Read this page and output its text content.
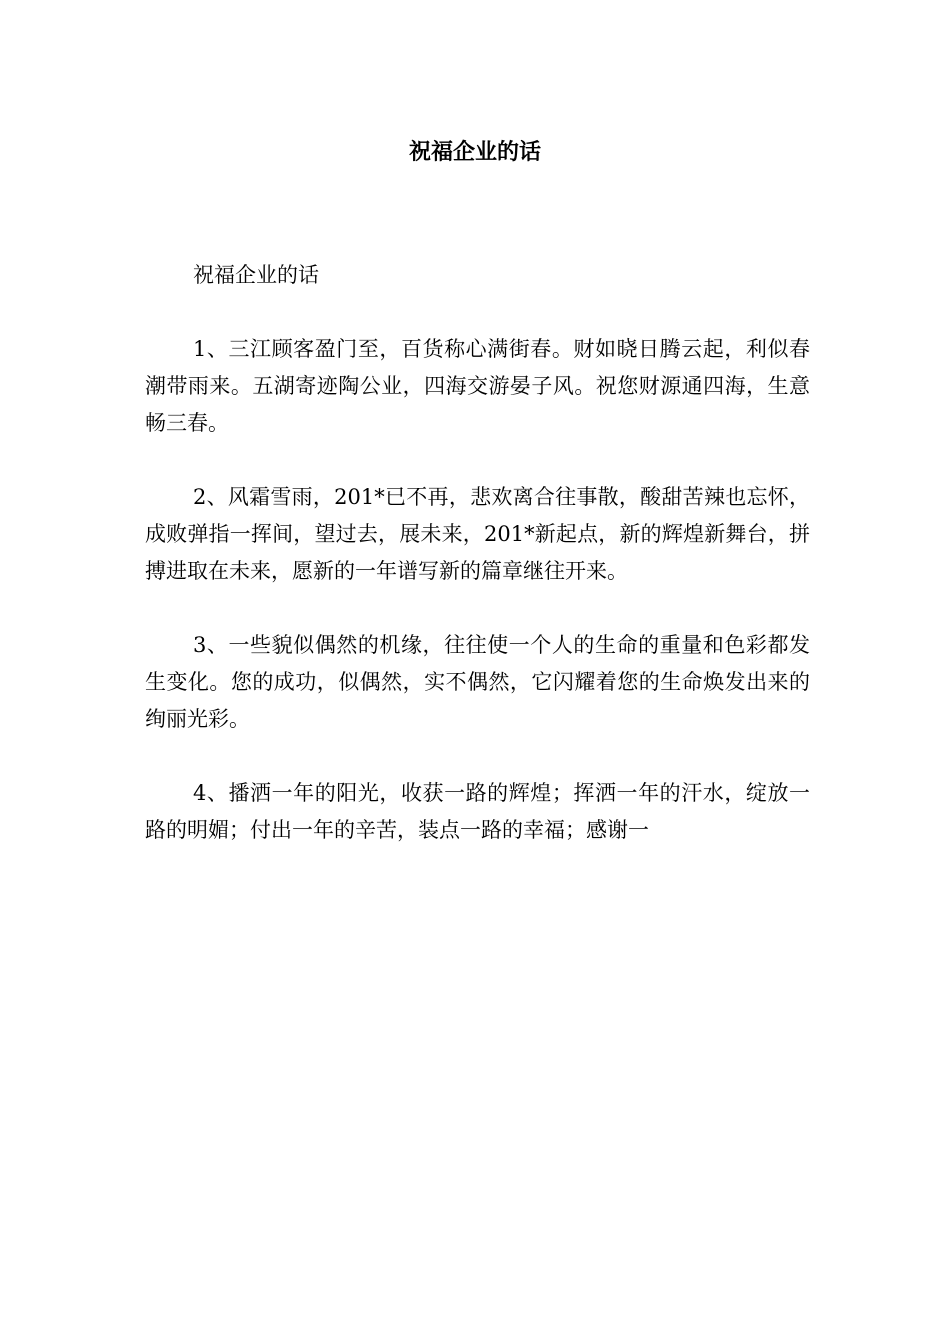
祝福企业的话

祝福企业的话

1、三江顾客盈门至，百货称心满街春。财如晓日腾云起，利似春潮带雨来。五湖寄迹陶公业，四海交游晏子风。祝您财源通四海，生意畅三春。

2、风霜雪雨，201*已不再，悲欢离合往事散，酸甜苦辣也忘怀，成败弹指一挥间，望过去，展未来，201*新起点，新的辉煌新舞台，拼搏进取在未来，愿新的一年谱写新的篇章继往开来。

3、一些貌似偶然的机缘，往往使一个人的生命的重量和色彩都发生变化。您的成功，似偶然，实不偶然，它闪耀着您的生命焕发出来的绚丽光彩。

4、播洒一年的阳光，收获一路的辉煌；挥洒一年的汗水，绽放一路的明媚；付出一年的辛苦，装点一路的幸福；感谢一
